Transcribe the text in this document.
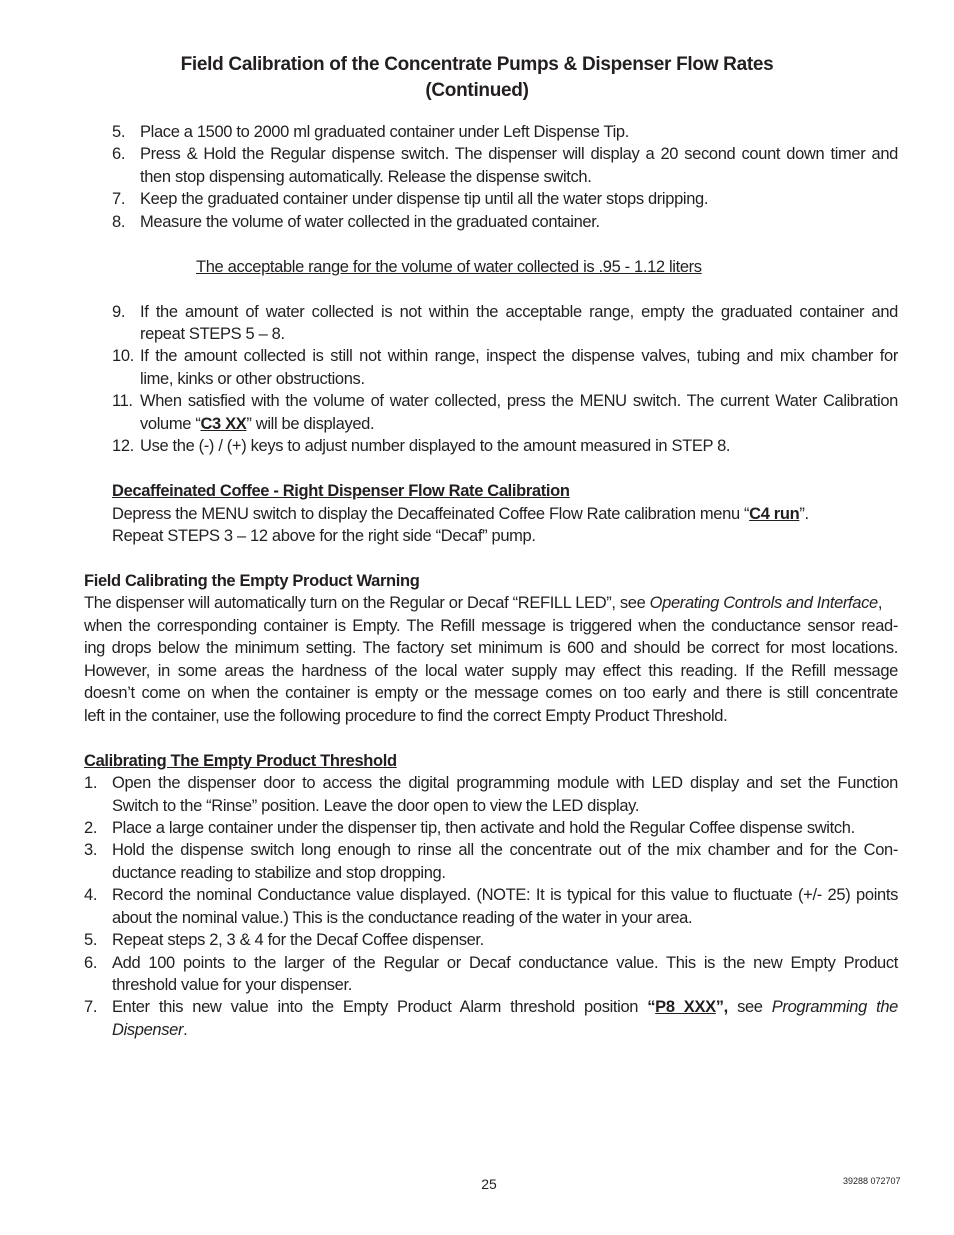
Field Calibration of the Concentrate Pumps & Dispenser Flow Rates
(Continued)
5. Place a 1500 to 2000 ml graduated container under Left Dispense Tip.
6. Press & Hold the Regular dispense switch. The dispenser will display a 20 second count down timer and
then stop dispensing automatically. Release the dispense switch.
7. Keep the graduated container under dispense tip until all the water stops dripping.
8. Measure the volume of water collected in the graduated container.
The acceptable range for the volume of water collected is .95 - 1.12 liters
9. If the amount of water collected is not within the acceptable range, empty the graduated container and
repeat STEPS 5 – 8.
10. If the amount collected is still not within range, inspect the dispense valves, tubing and mix chamber for
lime, kinks or other obstructions.
11. When satisfied with the volume of water collected, press the MENU switch. The current Water Calibration
volume “C3 XX” will be displayed.
12. Use the (-) / (+) keys to adjust number displayed to the amount measured in STEP 8.
Decaffeinated Coffee - Right Dispenser Flow Rate Calibration
Depress the MENU switch to display the Decaffeinated Coffee Flow Rate calibration menu “C4 run”.
Repeat STEPS 3 – 12 above for the right side “Decaf” pump.
Field Calibrating the Empty Product Warning
The dispenser will automatically turn on the Regular or Decaf “REFILL LED”, see Operating Controls and Interface,
when the corresponding container is Empty. The Refill message is triggered when the conductance sensor read-
ing drops below the minimum setting. The factory set minimum is 600 and should be correct for most locations.
However, in some areas the hardness of the local water supply may effect this reading. If the Refill message
doesn’t come on when the container is empty or the message comes on too early and there is still concentrate
left in the container, use the following procedure to find the correct Empty Product Threshold.
Calibrating The Empty Product Threshold
1. Open the dispenser door to access the digital programming module with LED display and set the Function
Switch to the “Rinse” position. Leave the door open to view the LED display.
2. Place a large container under the dispenser tip, then activate and hold the Regular Coffee dispense switch.
3. Hold the dispense switch long enough to rinse all the concentrate out of the mix chamber and for the Con-
ductance reading to stabilize and stop dropping.
4. Record the nominal Conductance value displayed. (NOTE: It is typical for this value to fluctuate (+/- 25) points
about the nominal value.) This is the conductance reading of the water in your area.
5. Repeat steps 2, 3 & 4 for the Decaf Coffee dispenser.
6. Add 100 points to the larger of the Regular or Decaf conductance value. This is the new Empty Product
threshold value for your dispenser.
7. Enter this new value into the Empty Product Alarm threshold position “P8 XXX”, see Programming the
Dispenser.
25	39288 072707
